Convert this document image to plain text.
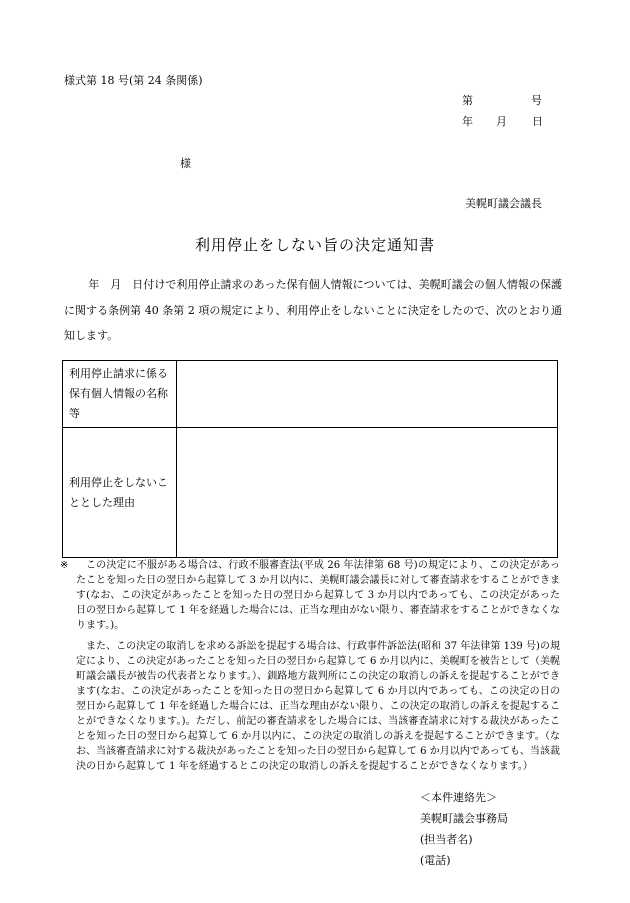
様式第 18 号(第 24 条関係)
第	号
年 月 日
様
美幌町議会議長
利用停止をしない旨の決定通知書

年　月　日付けで利用停止請求のあった保有個人情報については、美幌町議会の個人情報の保護に関する条例第 40 条第 2 項の規定により、利用停止をしないことに決定をしたので、次のとおり通知します。

利用停止請求に係る保有個人情報の名称等	
利用停止をしないこととした理由	
※	この決定に不服がある場合は、行政不服審査法(平成 26 年法律第 68 号)の規定により、この決定があったことを知った日の翌日から起算して 3 か月以内に、美幌町議会議長に対して審査請求をすることができます(なお、この決定があったことを知った日の翌日から起算して 3 か月以内であっても、この決定があった日の翌日から起算して 1 年を経過した場合には、正当な理由がない限り、審査請求をすることができなくなります。)。
また、この決定の取消しを求める訴訟を提起する場合は、行政事件訴訟法(昭和 37 年法律第 139 号)の規定により、この決定があったことを知った日の翌日から起算して 6 か月以内に、美幌町を被告として（美幌町議会議長が被告の代表者となります。）、釧路地方裁判所にこの決定の取消しの訴えを提起することができます(なお、この決定があったことを知った日の翌日から起算して 6 か月以内であっても、この決定の日の翌日から起算して 1 年を経過した場合には、正当な理由がない限り、この決定の取消しの訴えを提起することができなくなります。)。ただし、前記の審査請求をした場合には、当該審査請求に対する裁決があったことを知った日の翌日から起算して 6 か月以内に、この決定の取消しの訴えを提起することができます。（なお、当該審査請求に対する裁決があったことを知った日の翌日から起算して 6 か月以内であっても、当該裁決の日から起算して 1 年を経過するとこの決定の取消しの訴えを提起することができなくなります。）
＜本件連絡先＞
美幌町議会事務局
(担当者名)
(電話)
